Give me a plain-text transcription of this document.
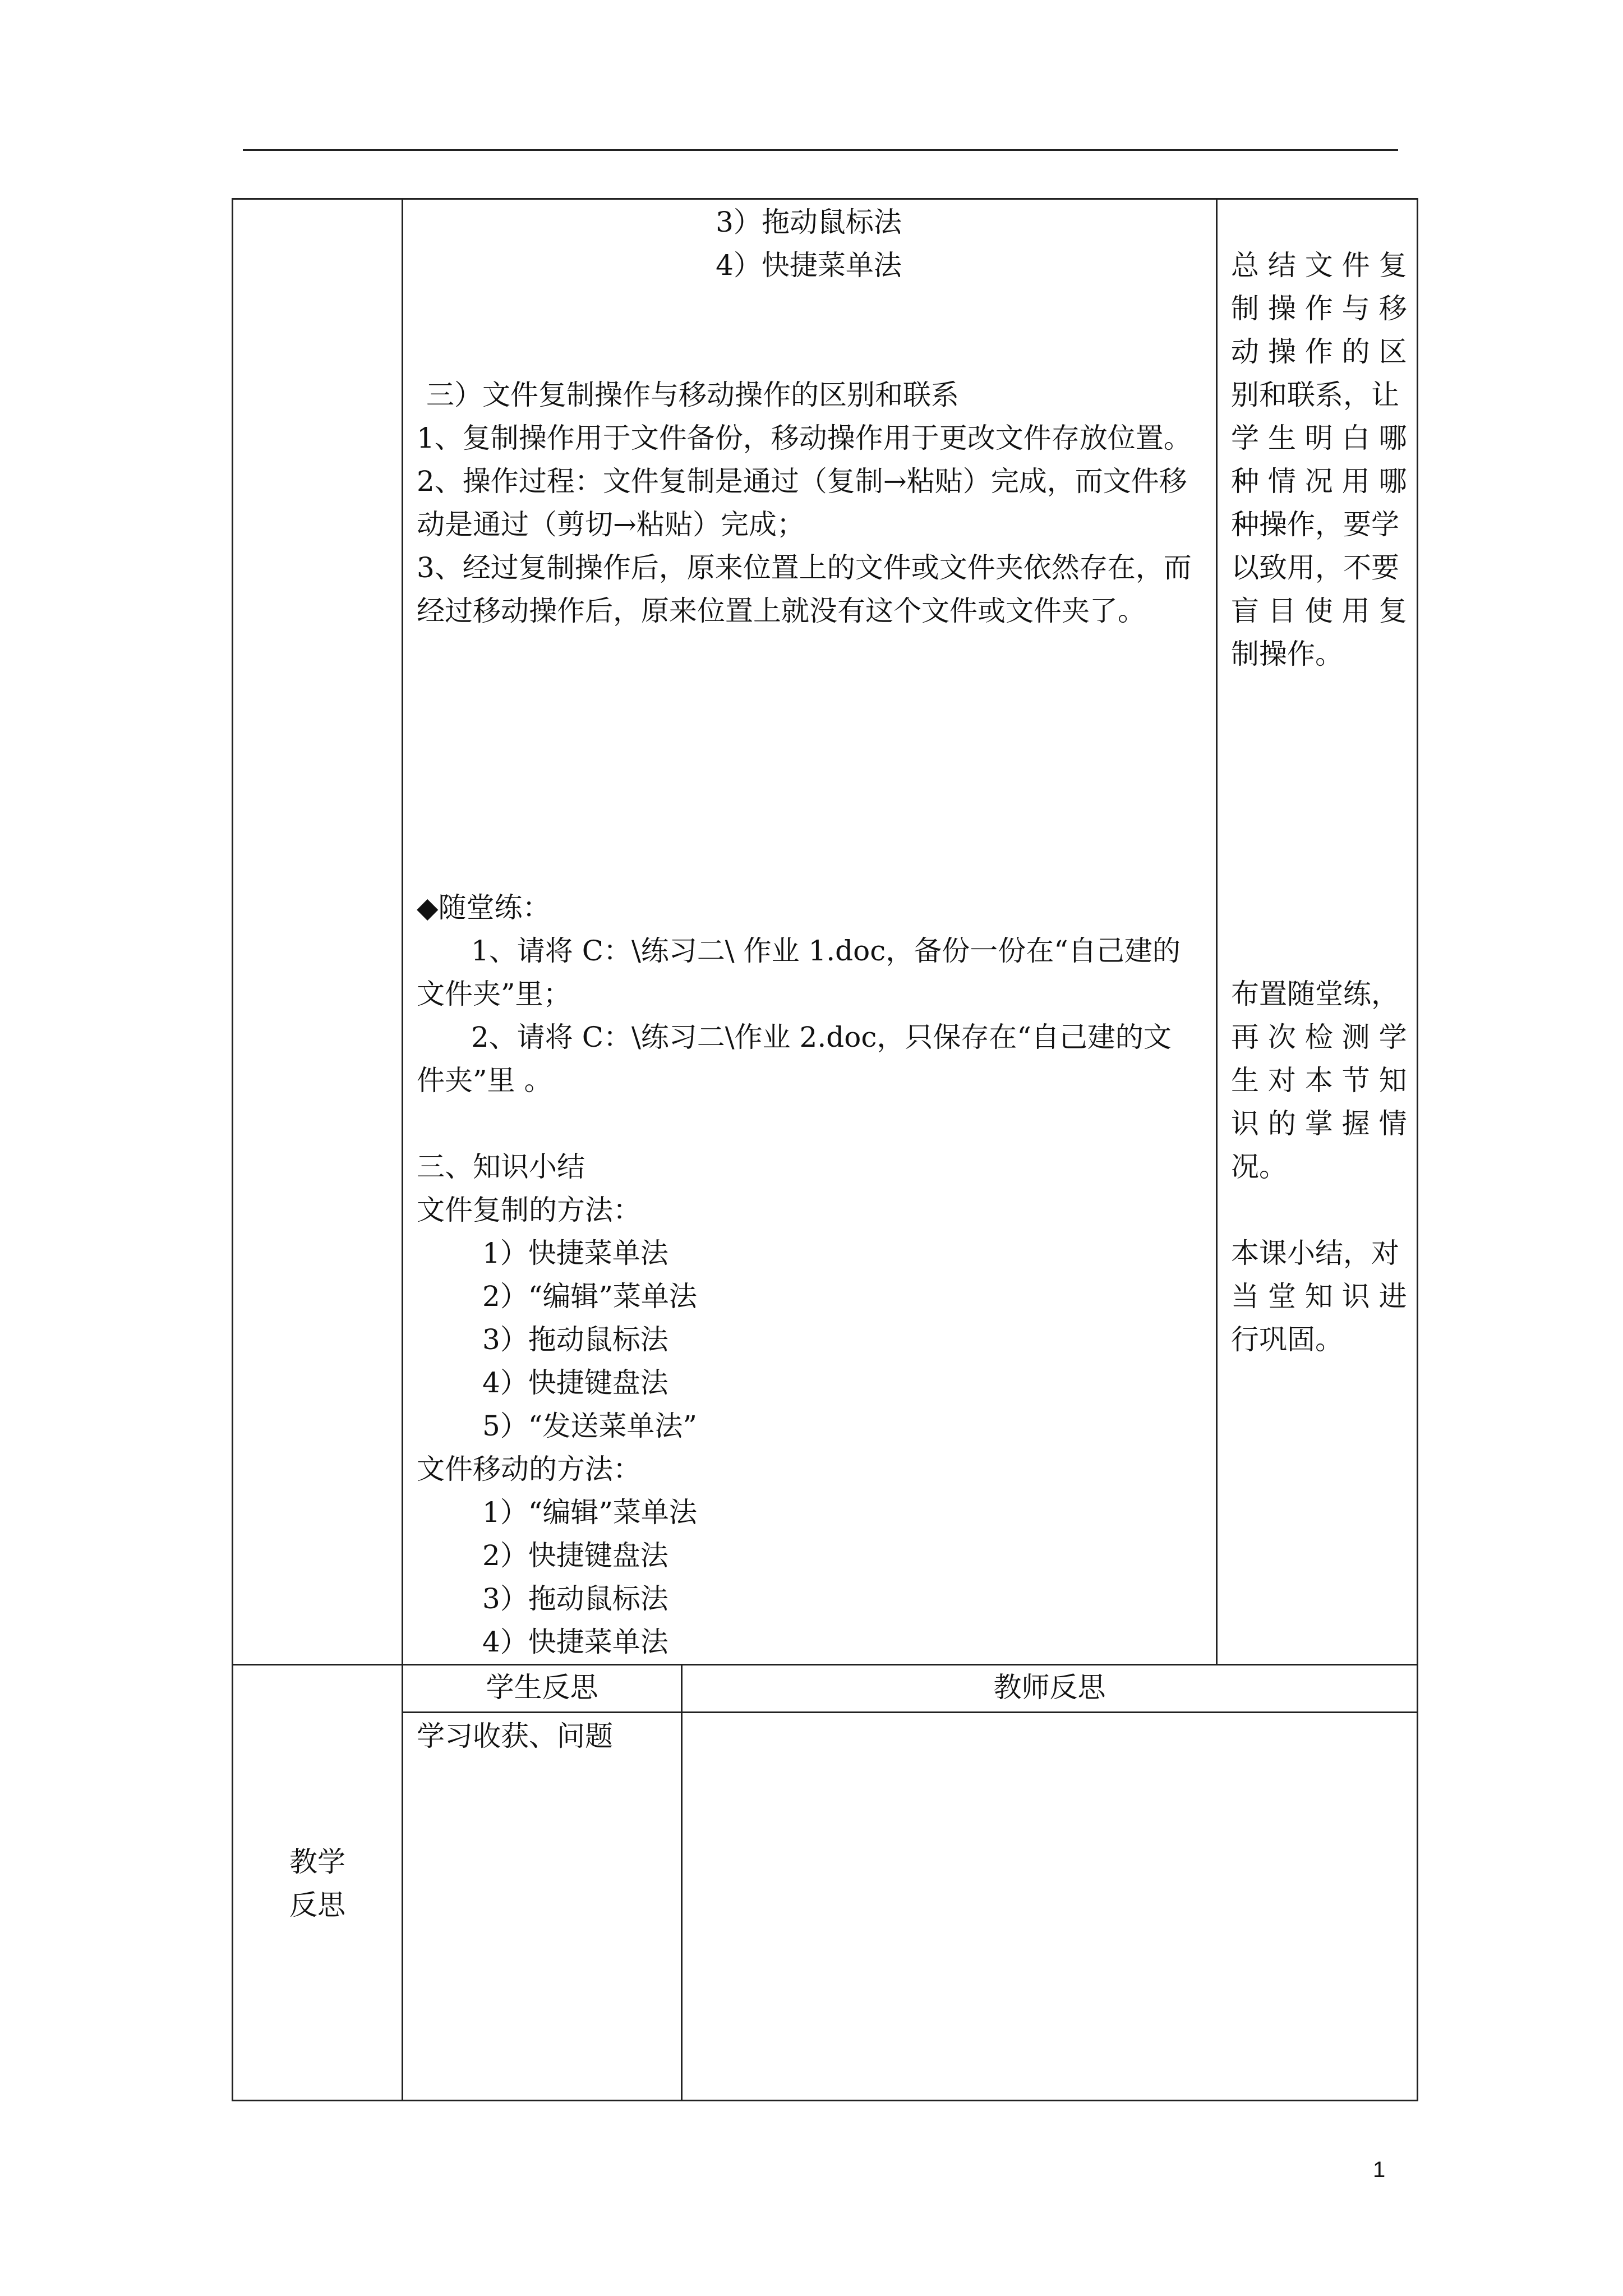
3）拖动鼠标法
4）快捷菜单法
三）文件复制操作与移动操作的区别和联系
1、复制操作用于文件备份，移动操作用于更改文件存放位置。
2、操作过程：文件复制是通过（复制→粘贴）完成，而文件移
动是通过（剪切→粘贴）完成；
3、经过复制操作后，原来位置上的文件或文件夹依然存在，而
经过移动操作后，原来位置上就没有这个文件或文件夹了。
◆随堂练：
1、请将 C：\练习二\ 作业 1.doc，备份一份在“自己建的
文件夹”里；
2、请将 C：\练习二\作业 2.doc，只保存在“自己建的文
件夹”里 。
三、知识小结
文件复制的方法：
1）快捷菜单法
2）“编辑”菜单法
3）拖动鼠标法
4）快捷键盘法
5）“发送菜单法”
文件移动的方法：
1）“编辑”菜单法
2）快捷键盘法
3）拖动鼠标法
4）快捷菜单法
总 结 文 件 复
制 操 作 与 移
动 操 作 的 区
别和联系，让
学 生 明 白 哪
种 情 况 用 哪
种操作，要学
以致用，不要
盲 目 使 用 复
制操作。
布置随堂练，
再 次 检 测 学
生 对 本 节 知
识 的 掌 握 情
况。
本课小结，对
当 堂 知 识 进
行巩固。
教学
反思
学生反思	教师反思
学习收获、问题
1
